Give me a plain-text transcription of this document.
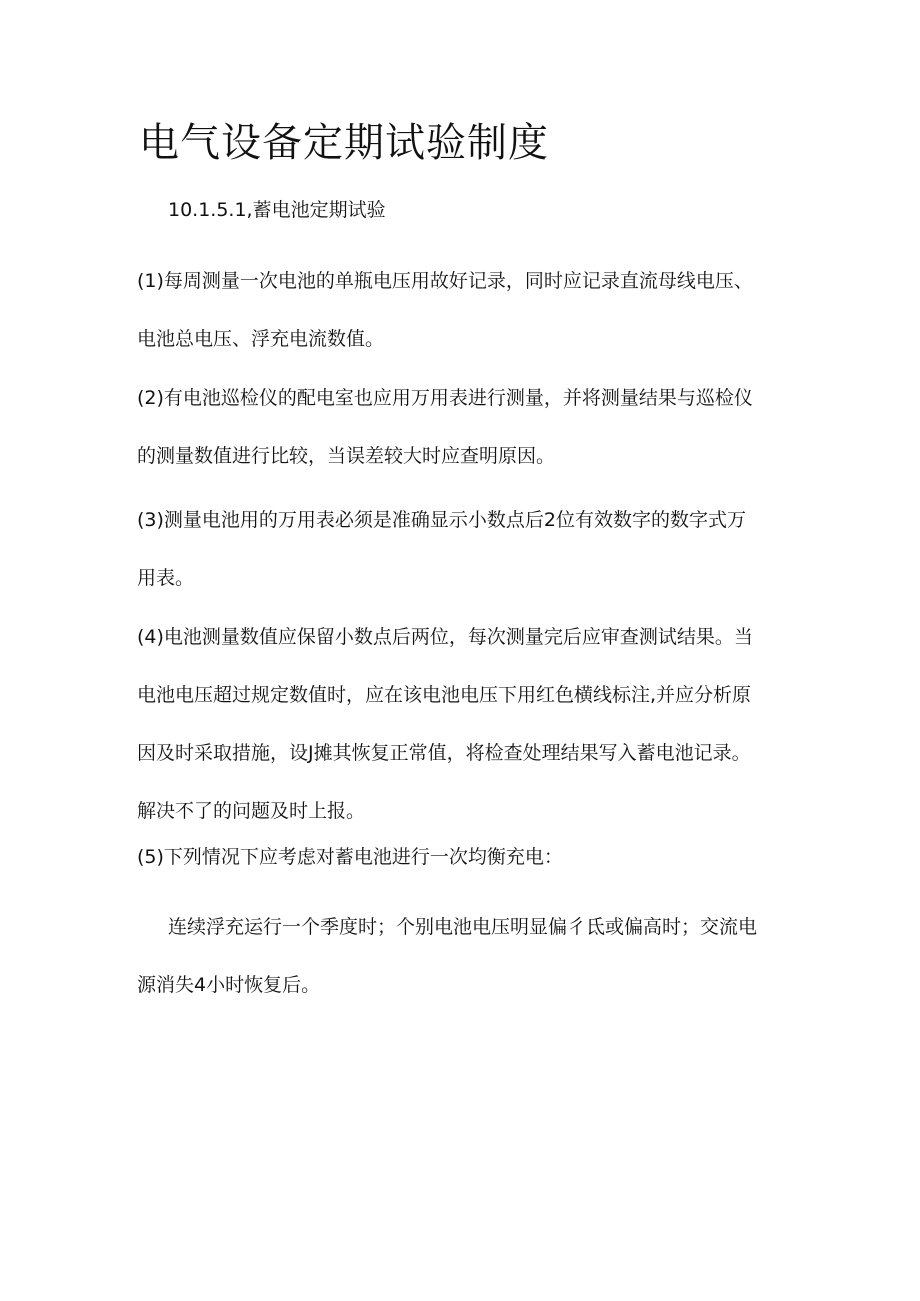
电气设备定期试验制度

10.1.5.1,蓄电池定期试验

(1)每周测量一次电池的单瓶电压用故好记录，同时应记录直流母线电压、
电池总电压、浮充电流数值。
(2)有电池巡检仪的配电室也应用万用表进行测量，并将测量结果与巡检仪
的测量数值进行比较，当误差较大时应查明原因。
(3)测量电池用的万用表必须是准确显示小数点后2位有效数字的数字式万
用表。
(4)电池测量数值应保留小数点后两位，每次测量完后应审查测试结果。当
电池电压超过规定数值时，应在该电池电压下用红色横线标注,并应分析原
因及时采取措施，设J摊其恢复正常值，将检查处理结果写入蓄电池记录。
解决不了的问题及时上报。
(5)下列情况下应考虑对蓄电池进行一次均衡充电：
连续浮充运行一个季度时；个别电池电压明显偏彳氐或偏高时；交流电
源消失4小时恢复后。
